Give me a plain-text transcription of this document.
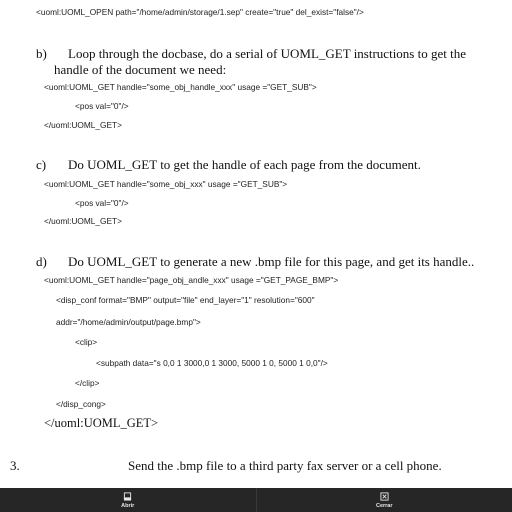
<uoml:UOML_OPEN path="/home/admin/storage/1.sep" create="true" del_exist="false"/>
b) Loop through the docbase, do a serial of UOML_GET instructions to get the
handle of the document we need:
<uoml:UOML_GET handle="some_obj_handle_xxx" usage ="GET_SUB">
<pos val="0"/>
</uoml:UOML_GET>
c) Do UOML_GET to get the handle of each page from the document.
<uoml:UOML_GET handle="some_obj_xxx" usage ="GET_SUB">
<pos val="0"/>
</uoml:UOML_GET>
d) Do UOML_GET to generate a new .bmp file for this page, and get its handle..
<uoml:UOML_GET handle="page_obj_andle_xxx" usage ="GET_PAGE_BMP">
<disp_conf format="BMP" output="file" end_layer="1" resolution="600"
addr="/home/admin/output/page.bmp">
<clip>
<subpath data="s 0,0 1 3000,0 1 3000, 5000 1 0, 5000 1 0,0"/>
</clip>
</disp_cong>
</uoml:UOML_GET>
3.	Send the .bmp file to a third party fax server or a cell phone.
Abrir	Cerrar
